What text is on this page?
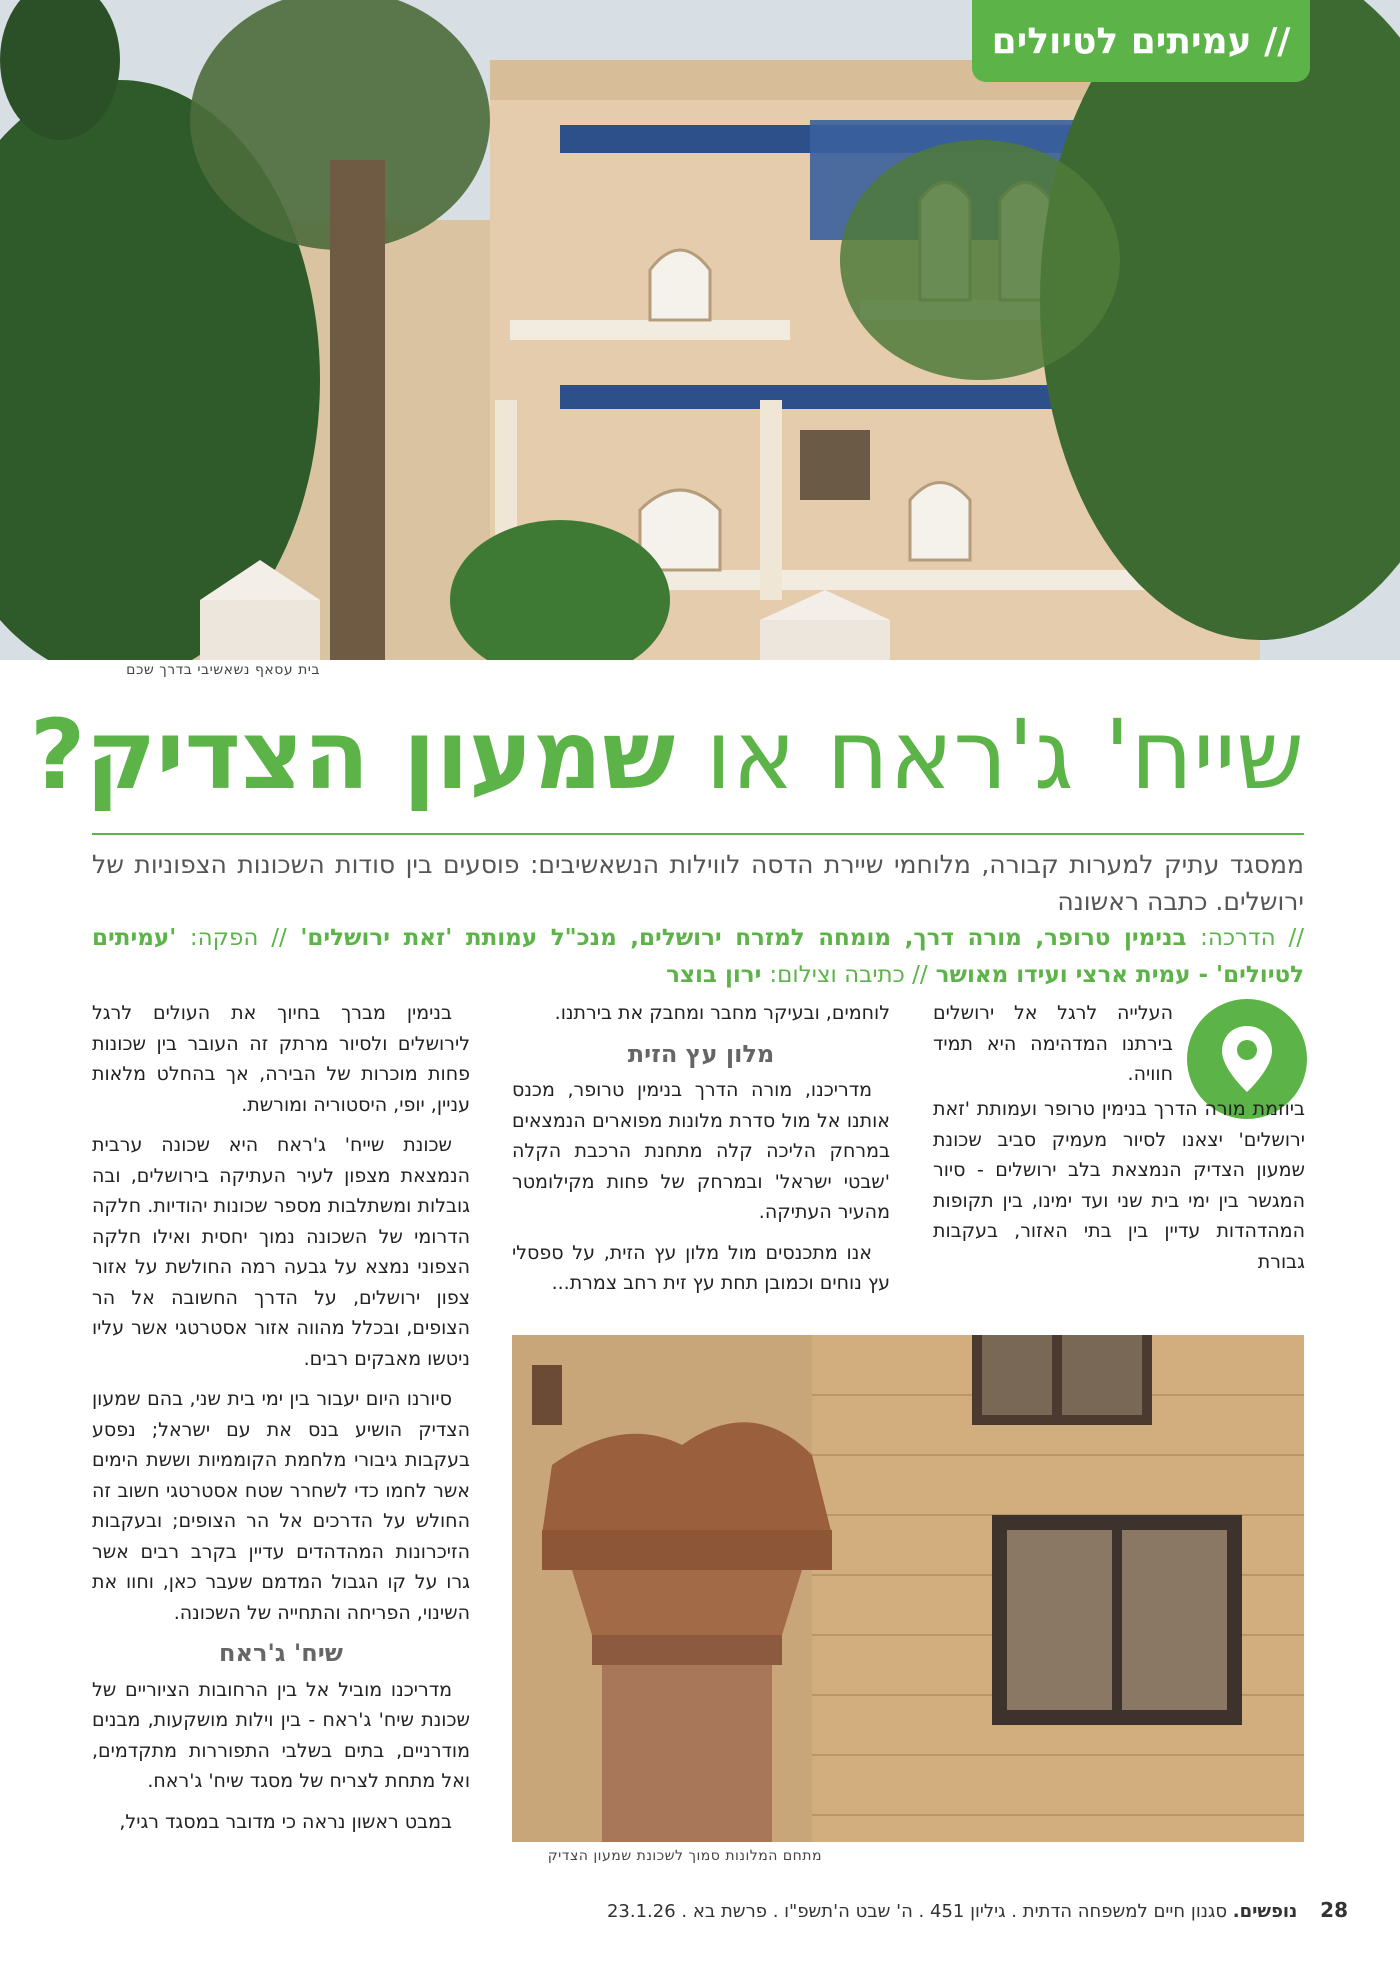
// עמיתים לטיולים
בית עסאף נשאשיבי בדרך שכם
שייח' ג'ראח או שמעון הצדיק?
ממסגד עתיק למערות קבורה, מלוחמי שיירת הדסה לווילות הנשאשיבים: פוסעים בין סודות השכונות הצפוניות של ירושלים. כתבה ראשונה
// הדרכה: בנימין טרופר, מורה דרך, מומחה למזרח ירושלים, מנכ"ל עמותת 'זאת ירושלים' // הפקה: 'עמיתים לטיולים' - עמית ארצי ועידו מאושר // כתיבה וצילום: ירון בוצר

העלייה לרגל אל ירושלים בירתנו המדהימה היא תמיד חוויה.

ביוזמת מורה הדרך בנימין טרופר ועמותת 'זאת ירושלים' יצאנו לסיור מעמיק סביב שכונת שמעון הצדיק הנמצאת בלב ירושלים - סיור המגשר בין ימי בית שני ועד ימינו, בין תקופות המהדהדות עדיין בין בתי האזור, בעקבות גבורת

לוחמים, ובעיקר מחבר ומחבק את בירתנו.

מלון עץ הזית

מדריכנו, מורה הדרך בנימין טרופר, מכנס אותנו אל מול סדרת מלונות מפוארים הנמצאים במרחק הליכה קלה מתחנת הרכבת הקלה 'שבטי ישראל' ובמרחק של פחות מקילומטר מהעיר העתיקה.

אנו מתכנסים מול מלון עץ הזית, על ספסלי עץ נוחים וכמובן תחת עץ זית רחב צמרת...

בנימין מברך בחיוך את העולים לרגל לירושלים ולסיור מרתק זה העובר בין שכונות פחות מוכרות של הבירה, אך בהחלט מלאות עניין, יופי, היסטוריה ומורשת.

שכונת שייח' ג'ראח היא שכונה ערבית הנמצאת מצפון לעיר העתיקה בירושלים, ובה גובלות ומשתלבות מספר שכונות יהודיות. חלקה הדרומי של השכונה נמוך יחסית ואילו חלקה הצפוני נמצא על גבעה רמה החולשת על אזור צפון ירושלים, על הדרך החשובה אל הר הצופים, ובכלל מהווה אזור אסטרטגי אשר עליו ניטשו מאבקים רבים.

סיורנו היום יעבור בין ימי בית שני, בהם שמעון הצדיק הושיע בנס את עם ישראל; נפסע בעקבות גיבורי מלחמת הקוממיות וששת הימים אשר לחמו כדי לשחרר שטח אסטרטגי חשוב זה החולש על הדרכים אל הר הצופים; ובעקבות הזיכרונות המהדהדים עדיין בקרב רבים אשר גרו על קו הגבול המדמם שעבר כאן, וחוו את השינוי, הפריחה והתחייה של השכונה.

שיח' ג'ראח

מדריכנו מוביל אל בין הרחובות הציוריים של שכונת שיח' ג'ראח - בין וילות מושקעות, מבנים מודרניים, בתים בשלבי התפוררות מתקדמים, ואל מתחת לצריח של מסגד שיח' ג'ראח.

במבט ראשון נראה כי מדובר במסגד רגיל,

מתחם המלונות סמוך לשכונת שמעון הצדיק
28    נופשים. סגנון חיים למשפחה הדתית . גיליון 451 . ה' שבט ה'תשפ"ו . פרשת בא . 23.1.26
